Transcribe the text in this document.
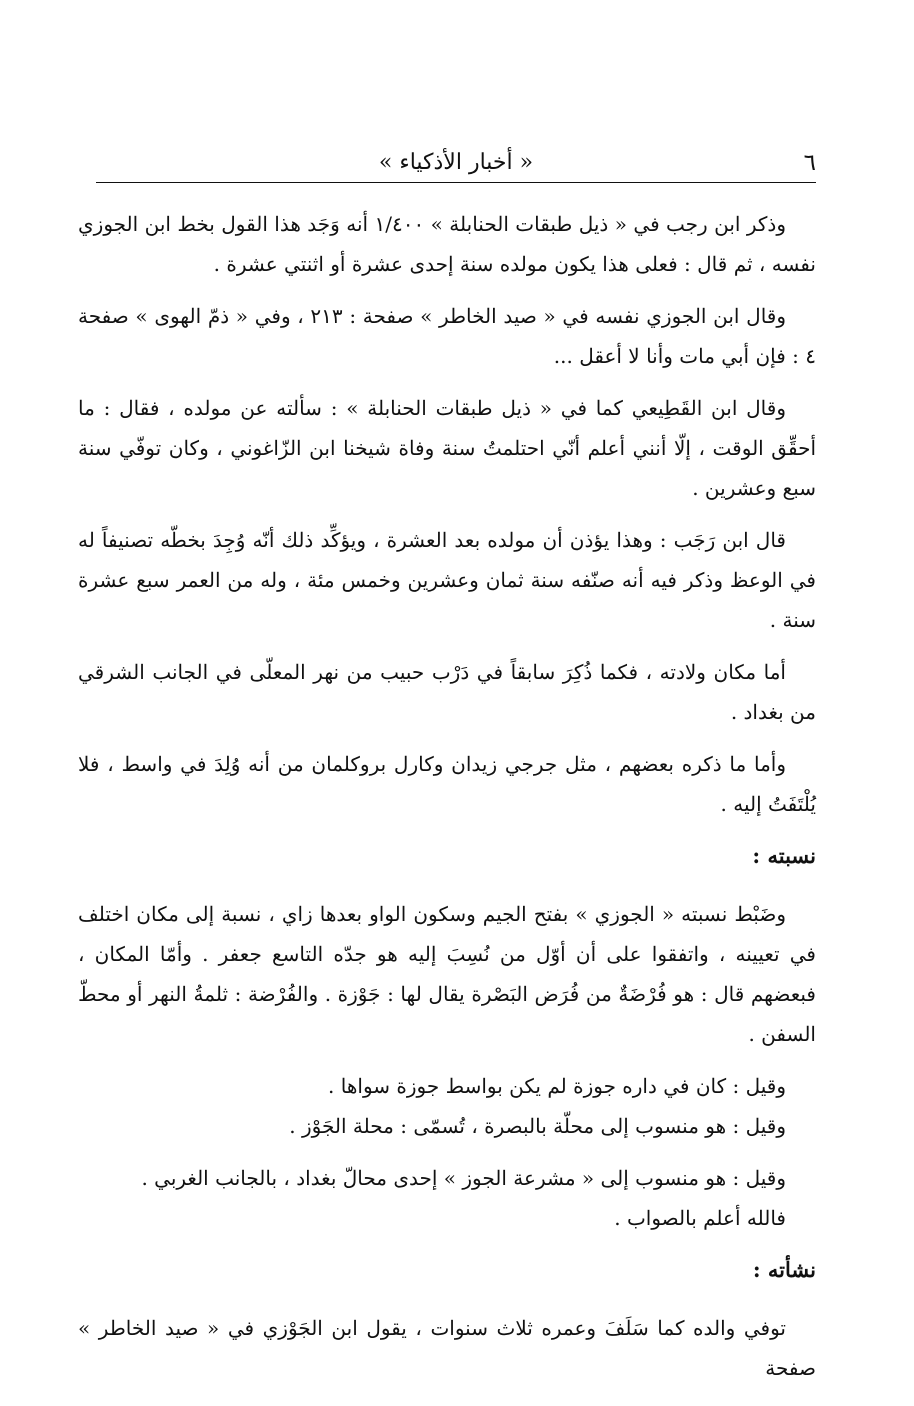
٦
« أخبار الأذكياء »

وذكر ابن رجب في « ذيل طبقات الحنابلة » ١/٤٠٠ أنه وَجَد هذا القول بخط ابن الجوزي نفسه ، ثم قال : فعلى هذا يكون مولده سنة إحدى عشرة أو اثنتي عشرة .

وقال ابن الجوزي نفسه في « صيد الخاطر » صفحة : ٢١٣ ، وفي « ذمّ الهوى » صفحة ٤ : فإن أبي مات وأنا لا أعقل ...

وقال ابن القَطِيعي كما في « ذيل طبقات الحنابلة » : سألته عن مولده ، فقال : ما أحقِّق الوقت ، إلّا أنني أعلم أنّي احتلمتُ سنة وفاة شيخنا ابن الزّاغوني ، وكان توفّي سنة سبع وعشرين .

قال ابن رَجَب : وهذا يؤذن أن مولده بعد العشرة ، ويؤكِّد ذلك أنّه وُجِدَ بخطّه تصنيفاً له في الوعظ وذكر فيه أنه صنّفه سنة ثمان وعشرين وخمس مئة ، وله من العمر سبع عشرة سنة .

أما مكان ولادته ، فكما ذُكِرَ سابقاً في دَرْب حبيب من نهر المعلّى في الجانب الشرقي من بغداد .

وأما ما ذكره بعضهم ، مثل جرجي زيدان وكارل بروكلمان من أنه وُلِدَ في واسط ، فلا يُلْتَفَتُ إليه .

نسبته :

وضَبْط نسبته « الجوزي » بفتح الجيم وسكون الواو بعدها زاي ، نسبة إلى مكان اختلف في تعيينه ، واتفقوا على أن أوّل من نُسِبَ إليه هو جدّه التاسع جعفر . وأمّا المكان ، فبعضهم قال : هو فُرْضَةٌ من فُرَض البَصْرة يقال لها : جَوْزة . والفُرْضة : ثلمةُ النهر أو محطّ السفن .

وقيل : كان في داره جوزة لم يكن بواسط جوزة سواها .

وقيل : هو منسوب إلى محلّة بالبصرة ، تُسمّى : محلة الجَوْز .

وقيل : هو منسوب إلى « مشرعة الجوز » إحدى محالّ بغداد ، بالجانب الغربي .

فالله أعلم بالصواب .

نشأته :

توفي والده كما سَلَفَ وعمره ثلاث سنوات ، يقول ابن الجَوْزي في « صيد الخاطر » صفحة
